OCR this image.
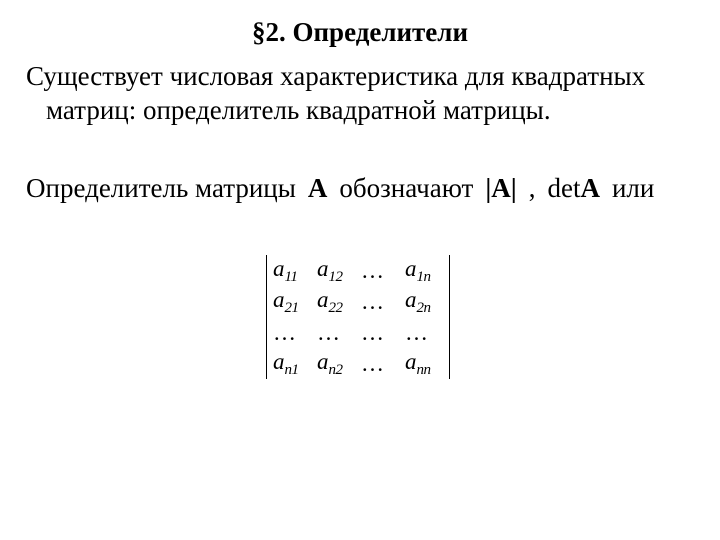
§2. Определители
Существует числовая характеристика для квадратных
матриц: определитель квадратной матрицы.
Определитель матрицы A обозначают |A| , detA или
$a_{11}$	$a_{12}$	…	$a_{1n}$
$a_{21}$	$a_{22}$	…	$a_{2n}$
…	…	…	…
$a_{n1}$	$a_{n2}$	…	$a_{nn}$
